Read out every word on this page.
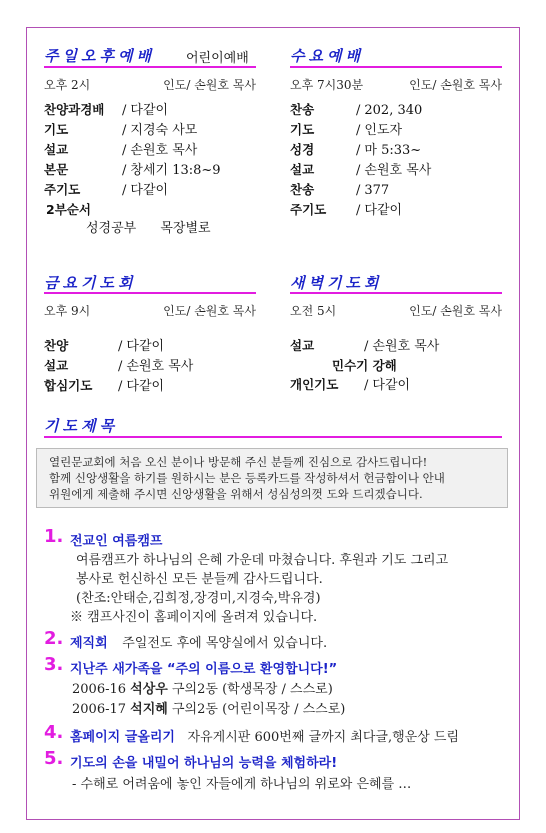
주일오후예배 어린이예배
오후 2시	인도/ 손원호 목사
찬양과경배 / 다같이
기도	/ 지경숙 사모
설교	/ 손원호 목사
본문	/ 창세기 13:8~9
주기도	/ 다같이
2부순서
성경공부 목장별로
수요예배
오후 7시30분	인도/ 손원호 목사
찬송	/ 202, 340
기도	/ 인도자
성경	/ 마 5:33~
설교	/ 손원호 목사
찬송	/ 377
주기도 / 다같이
금요기도회
오후 9시	인도/ 손원호 목사
찬양	/ 다같이
설교	/ 손원호 목사
합심기도 / 다같이
새벽기도회
오전 5시	인도/ 손원호 목사
설교	/ 손원호 목사
민수기 강해
개인기도 / 다같이
기도제목
열린문교회에 처음 오신 분이나 방문해 주신 분들께 진심으로 감사드립니다!
함께 신앙생활을 하기를 원하시는 분은 등록카드를 작성하셔서 헌금함이나 안내
위원에게 제출해 주시면 신앙생활을 위해서 성심성의껏 도와 드리겠습니다.
1. 전교인 여름캠프
여름캠프가 하나님의 은혜 가운데 마쳤습니다. 후원과 기도 그리고
봉사로 헌신하신 모든 분들께 감사드립니다.
(찬조:안태순,김희정,장경미,지경숙,박유경)
※ 캠프사진이 홈페이지에 올려져 있습니다.
2. 제직회 주일전도 후에 목양실에서 있습니다.
3. 지난주 새가족을 “주의 이름으로 환영합니다!”
2006-16 석상우 구의2동 (학생목장 / 스스로)
2006-17 석지혜 구의2동 (어린이목장 / 스스로)
4. 홈페이지 글올리기 자유게시판 600번째 글까지 최다글,행운상 드림
5. 기도의 손을 내밀어 하나님의 능력을 체험하라!
- 수해로 어려움에 놓인 자들에게 하나님의 위로와 은혜를 …
